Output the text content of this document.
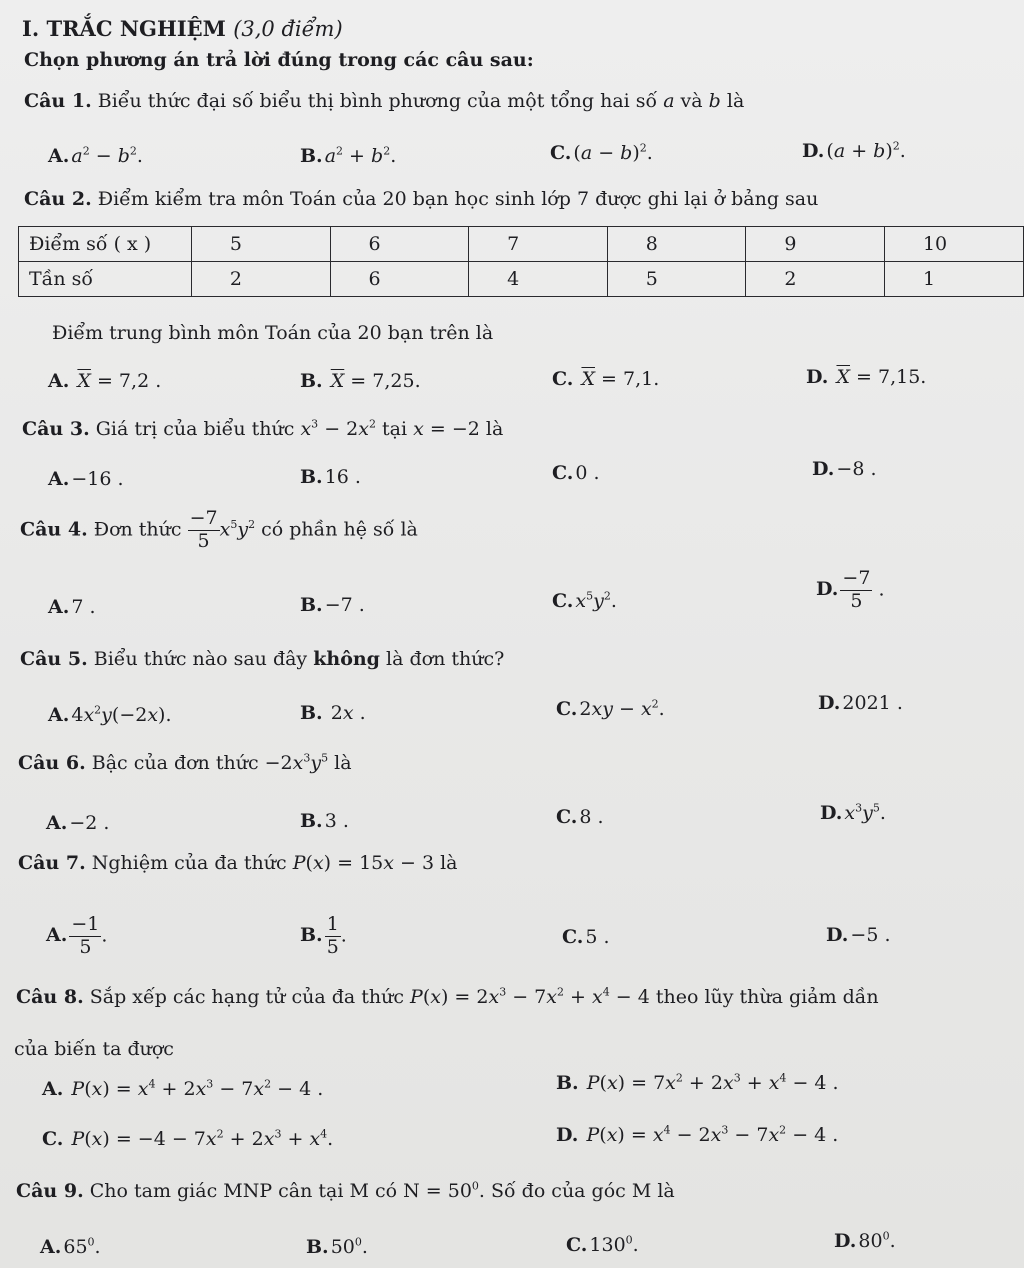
I. TRẮC NGHIỆM (3,0 điểm)
Chọn phương án trả lời đúng trong các câu sau:
Câu 1. Biểu thức đại số biểu thị bình phương của một tổng hai số a và b là
A. $a^2 - b^2$.	B. $a^2 + b^2$.	C. $(a - b)^2$.	D. $(a + b)^2$.
Câu 2. Điểm kiểm tra môn Toán của 20 bạn học sinh lớp 7 được ghi lại ở bảng sau
Điểm số ( x )	5	6	7	8	9	10
Tần số	2	6	4	5	2	1
Điểm trung bình môn Toán của 20 bạn trên là
A. $\overline{X} = 7,2$ .	B. $\overline{X} = 7,25$.	C. $\overline{X} = 7,1$.	D. $\overline{X} = 7,15$.
Câu 3. Giá trị của biểu thức $x^3 - 2x^2$ tại x = −2 là
A. −16 .	B. 16 .	C. 0 .	D. −8 .
Câu 4. Đơn thức $\frac{-7}{5} x^5y^2$ có phần hệ số là
A. 7 .	B. −7 .	C. $x^5y^2$.
D. $\frac{-7}{5}$ .
Câu 5. Biểu thức nào sau đây không là đơn thức?
A. $4x^2y(-2x)$.	B. 2x .	C. $2xy - x^2$.	D. 2021 .
Câu 6. Bậc của đơn thức $-2x^3y^5$ là
A. −2 .	B. 3 .	C. 8 .	D. $x^3y^5$.
Câu 7. Nghiệm của đa thức P(x) = 15x − 3 là
A. $\frac{-1}{5}$ .	B. $\frac{1}{5}$ .	C. 5 .	D. −5 .
Câu 8. Sắp xếp các hạng tử của đa thức $P(x) = 2x^3 - 7x^2 + x^4 - 4$ theo lũy thừa giảm dần
của biến ta được
A. $P(x) = x^4 + 2x^3 - 7x^2 - 4$ .	B. $P(x) = 7x^2 + 2x^3 + x^4 - 4$ .
C. $P(x) = -4 - 7x^2 + 2x^3 + x^4$.	D. $P(x) = x^4 - 2x^3 - 7x^2 - 4$ .
Câu 9. Cho tam giác MNP cân tại M có $N = 50^0$. Số đo của góc M là
A. $65^0$.	B. $50^0$.	C. $130^0$.	D. $80^0$.
